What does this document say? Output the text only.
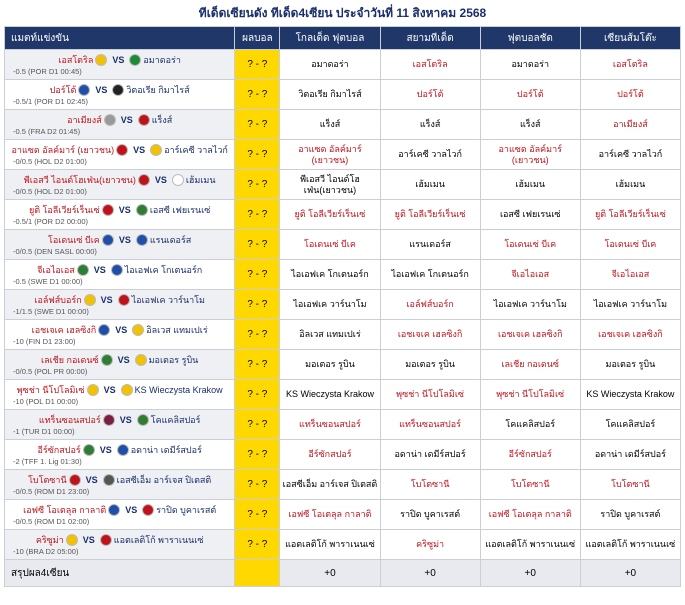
ทีเด็ดเซียนดัง ทีเด็ด4เซียน ประจำวันที่ 11 สิงหาคม 2568
แมตท์แข่งขัน	ผลบอล	โกลเด็ด ฟุตบอล	สยามทีเด็ด	ฟุตบอลชัด	เซียนส้มโต๊ะ

เอสโตริล VS อมาดอร่า
-0.5 (POR D1 00:45)	? - ?	อมาดอร่า	เอสโตริล	อมาดอร่า	เอสโตริล

ปอร์โต้ VS วิตอเรีย กิมาไรส์
-0.5/1 (POR D1 02:45)	? - ?	วิตอเรีย กิมาไรส์	ปอร์โต้	ปอร์โต้	ปอร์โต้

อาเมียงส์ VS แร็งส์
-0.5 (FRA D2 01:45)	? - ?	แร็งส์	แร็งส์	แร็งส์	อาเมียงส์

อาแซด อัลค์มาร์ (เยาวชน) VS อาร์เคซี วาลไวก์
-0/0.5 (HOL D2 01:00)	? - ?	อาแซด อัลค์มาร์ (เยาวชน)	อาร์เคซี วาลไวก์	อาแซด อัลค์มาร์ (เยาวชน)	อาร์เคซี วาลไวก์

พีเอสวี ไอนด์โฮเฟ่น(เยาวชน) VS เฮ้มเมน
-0/0.5 (HOL D2 01:00)	? - ?	พีเอสวี ไอนด์โฮ เฟ่น(เยาวชน)	เฮ้มเมน	เฮ้มเมน	เฮ้มเมน

ยูติ โอลีเวียร์เร็นเซ่ VS เอสซี เฟยเรนเซ่
-0.5/1 (POR D2 00:00)	? - ?	ยูติ โอลีเวียร์เร็นเซ่	ยูติ โอลีเวียร์เร็นเซ่	เอสซี เฟยเรนเซ่	ยูติ โอลีเวียร์เร็นเซ่

โอเดนเซ่ บีเค VS แรนเดอร์ส
-0/0.5 (DEN SASL 00:00)	? - ?	โอเดนเซ่ บีเค	แรนเดอร์ส	โอเดนเซ่ บีเค	โอเดนเซ่ บีเค

จีเอไอเอส VS ไอเอฟเค โกเตนอร์ก
-0.5 (SWE D1 00:00)	? - ?	ไอเอฟเค โกเตนอร์ก	ไอเอฟเค โกเตนอร์ก	จีเอไอเอส	จีเอไอเอส

เอล์ฟส์บอร์ก VS ไอเอฟเค วาร์นาโม
-1/1.5 (SWE D1 00:00)	? - ?	ไอเอฟเค วาร์นาโม	เอล์ฟส์บอร์ก	ไอเอฟเค วาร์นาโม	ไอเอฟเค วาร์นาโม

เอชเจเค เฮลซิงกิ VS อิลเวส แทมเปเร่
-10 (FIN D1 23:00)	? - ?	อิลเวส แทมเปเร่	เอชเจเค เฮลซิงกิ	เอชเจเค เฮลซิงกิ	เอชเจเค เฮลซิงกิ

เลเชีย กอเดนซ์ VS มอเตอร รูบิน
-0/0.5 (POL PR 00:00)	? - ?	มอเตอร รูบิน	มอเตอร รูบิน	เลเชีย กอเดนซ์	มอเตอร รูบิน

พุซช่า นีโปโลมิเซ่ VS KS Wieczysta Krakow
-10 (POL D1 00:00)	? - ?	KS Wieczysta Krakow	พุซช่า นีโปโลมิเซ่	พุซช่า นีโปโลมิเซ่	KS Wieczysta Krakow

แทร็นซอนสปอร์ VS โคแคลิสปอร์
-1 (TUR D1 00:00)	? - ?	แทร็นซอนสปอร์	แทร็นซอนสปอร์	โคแคลิสปอร์	โคแคลิสปอร์

อีร์ซักสปอร์ VS อดาน่า เดมีร์สปอร์
-2 (TFF 1. Lig 01:30)	? - ?	อีร์ซักสปอร์	อดาน่า เดมีร์สปอร์	อีร์ซักสปอร์	อดาน่า เดมีร์สปอร์

โบโตซานี VS เอสซีเอ็ม อาร์เจส ปิเตสติ
-0/0.5 (ROM D1 23:00)	? - ?	เอสซีเอ็ม อาร์เจส ปิเตสติ	โบโตซานี	โบโตซานี	โบโตซานี

เอฟซี โอเตลุล กาลาติ VS ราปิด บูคาเรสต์
-0/0.5 (ROM D1 02:00)	? - ?	เอฟซี โอเตลุล กาลาติ	ราปิด บูคาเรสต์	เอฟซี โอเตลุล กาลาติ	ราปิด บูคาเรสต์

คริซูม่า VS แอตเลติโก้ พาราเนนเซ่
-10 (BRA D2 05:00)	? - ?	แอตเลติโก้ พาราเนนเซ่	คริซูม่า	แอตเลติโก้ พาราเนนเซ่	แอตเลติโก้ พาราเนนเซ่
สรุปผล4เซียน		+0	+0	+0	+0
